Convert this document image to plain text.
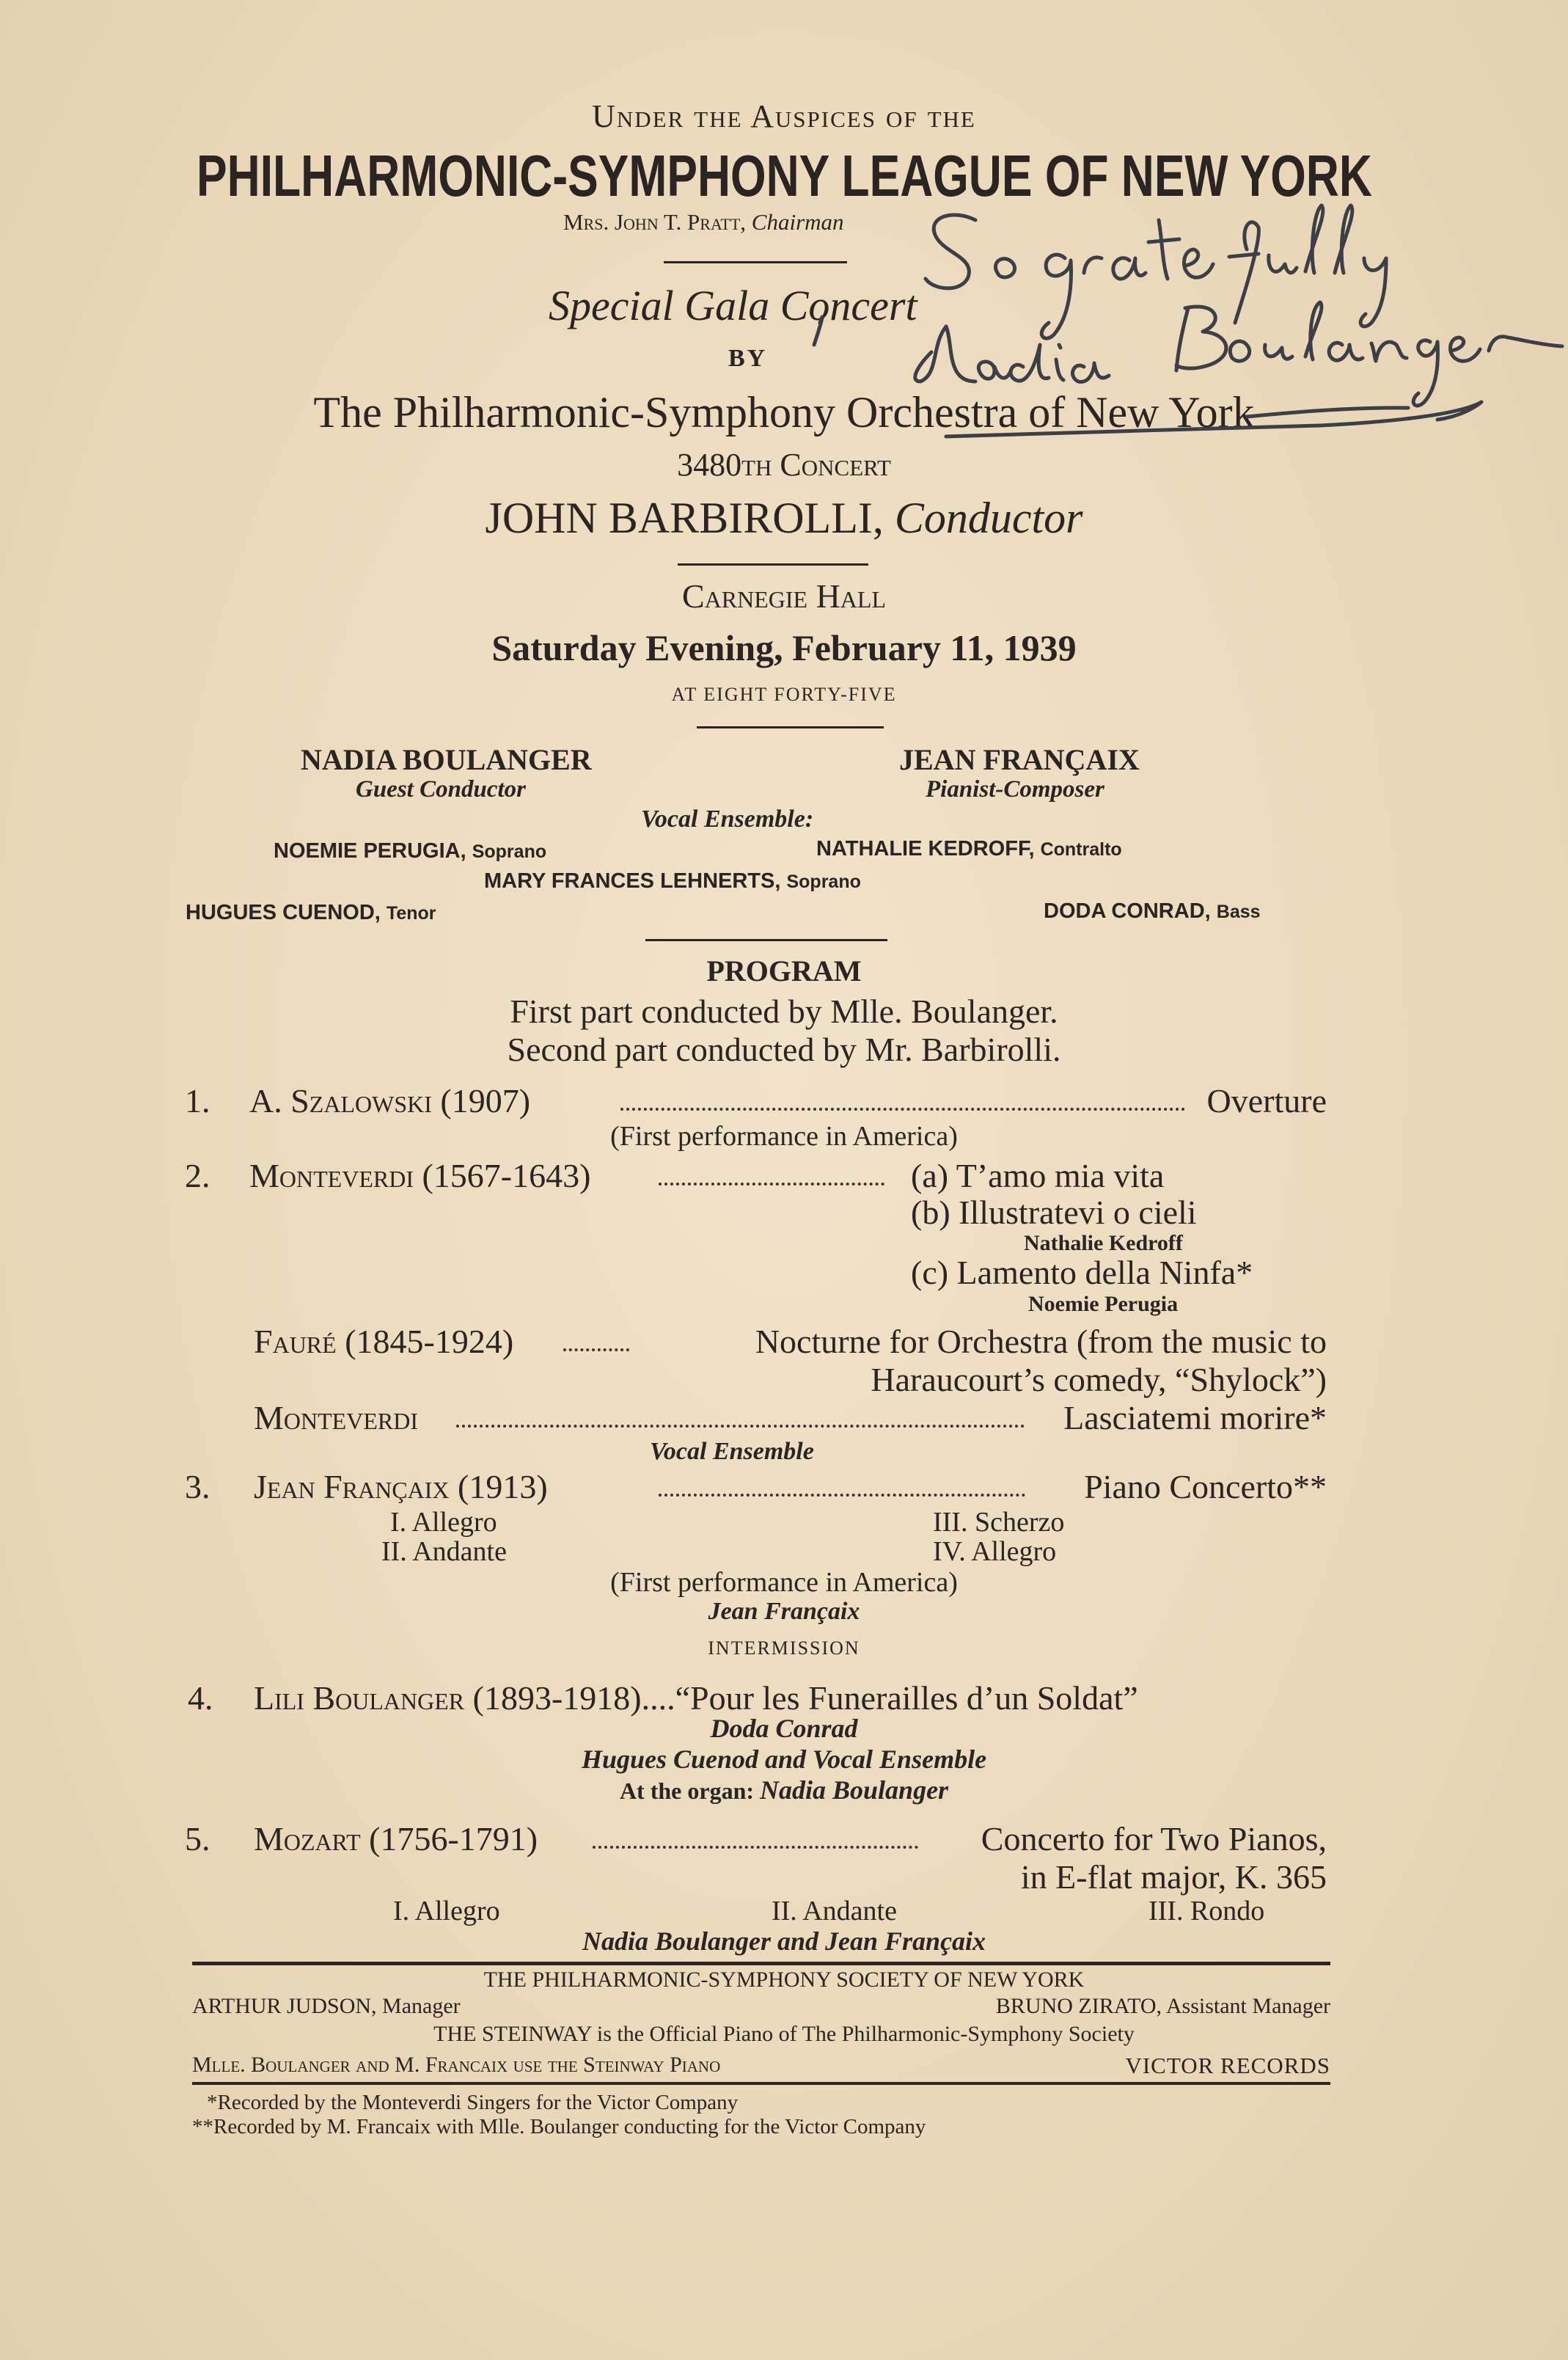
Under the Auspices of the
PHILHARMONIC-SYMPHONY LEAGUE OF NEW YORK
Mrs. John T. Pratt, Chairman
Special Gala Concert
BY
The Philharmonic-Symphony Orchestra of New York
3480th Concert
JOHN BARBIROLLI, Conductor
Carnegie Hall
Saturday Evening, February 11, 1939
AT EIGHT FORTY-FIVE
NADIA BOULANGER
Guest Conductor
JEAN FRANÇAIX
Pianist-Composer
Vocal Ensemble:
NOEMIE PERUGIA, Soprano	NATHALIE KEDROFF, Contralto
MARY FRANCES LEHNERTS, Soprano
HUGUES CUENOD, Tenor	DODA CONRAD, Bass
PROGRAM
First part conducted by Mlle. Boulanger.
Second part conducted by Mr. Barbirolli.
1. A. Szalowski (1907)	Overture
(First performance in America)
2. Monteverdi (1567-1643)	(a) T’amo mia vita
(b) Illustratevi o cieli
Nathalie Kedroff
(c) Lamento della Ninfa*
Noemie Perugia
Fauré (1845-1924)	Nocturne for Orchestra (from the music to
Haraucourt’s comedy, “Shylock”)
Monteverdi	Lasciatemi morire*
Vocal Ensemble
3. Jean Françaix (1913)	Piano Concerto**
I. Allegro
II. Andante
III. Scherzo
IV. Allegro
(First performance in America)
Jean Françaix
INTERMISSION
4. Lili Boulanger (1893-1918)....“Pour les Funerailles d’un Soldat”
Doda Conrad
Hugues Cuenod and Vocal Ensemble
At the organ: Nadia Boulanger
5. Mozart (1756-1791)	Concerto for Two Pianos,
in E-flat major, K. 365
I. Allegro	II. Andante	III. Rondo
Nadia Boulanger and Jean Françaix
THE PHILHARMONIC-SYMPHONY SOCIETY OF NEW YORK
ARTHUR JUDSON, Manager	BRUNO ZIRATO, Assistant Manager
THE STEINWAY is the Official Piano of The Philharmonic-Symphony Society
Mlle. Boulanger and M. Francaix use the Steinway Piano	VICTOR RECORDS
*Recorded by the Monteverdi Singers for the Victor Company
**Recorded by M. Francaix with Mlle. Boulanger conducting for the Victor Company
